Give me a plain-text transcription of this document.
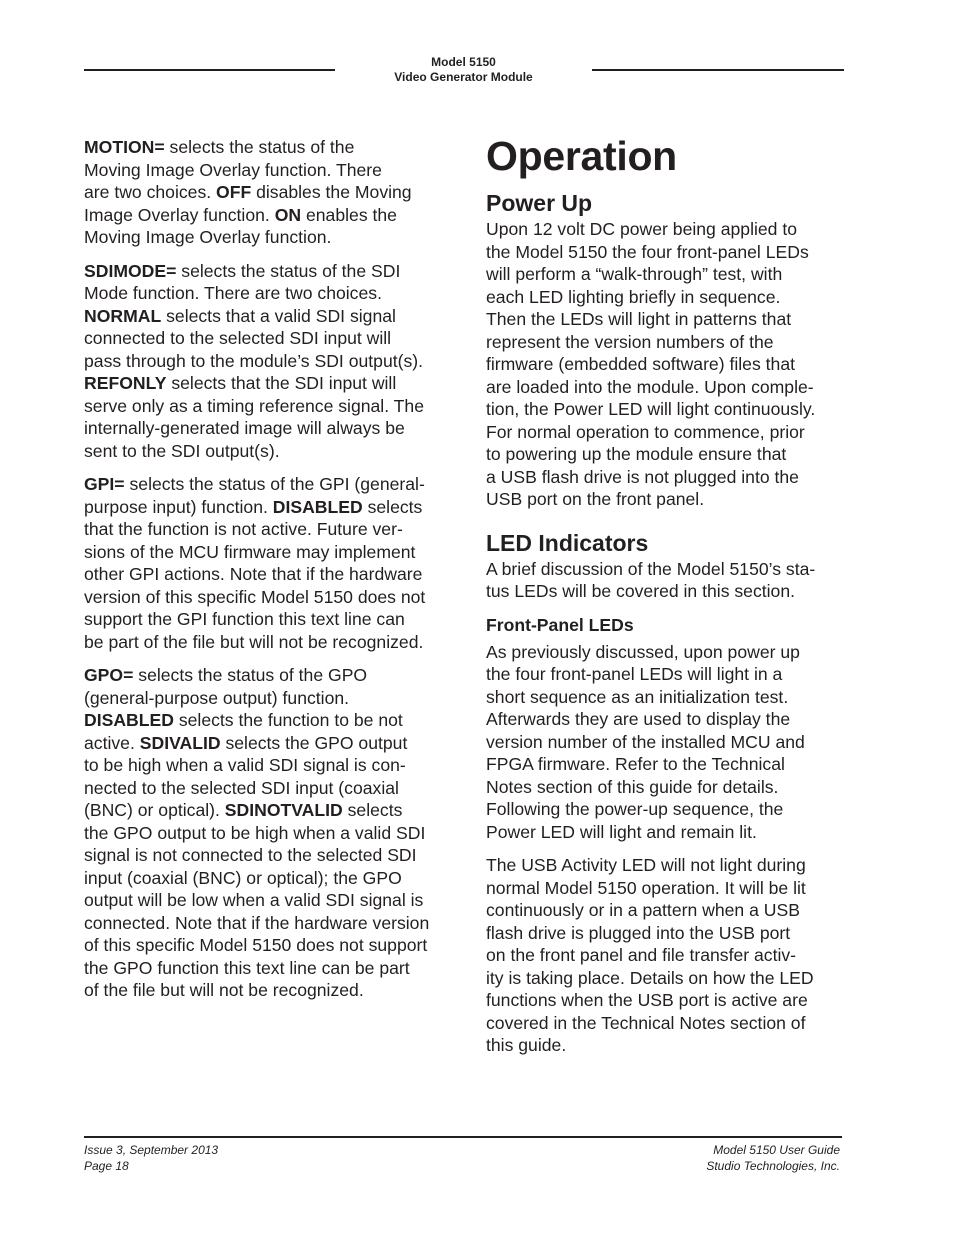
Model 5150
Video Generator Module

MOTION= selects the status of the
Moving Image Overlay function. There
are two choices. OFF disables the Moving
Image Overlay function. ON enables the
Moving Image Overlay function.

SDIMODE= selects the status of the SDI
Mode function. There are two choices.
NORMAL selects that a valid SDI signal
connected to the selected SDI input will
pass through to the module’s SDI output(s).
REFONLY selects that the SDI input will
serve only as a timing reference signal. The
internally-generated image will always be
sent to the SDI output(s).

GPI= selects the status of the GPI (general-
purpose input) function. DISABLED selects
that the function is not active. Future ver-
sions of the MCU firmware may implement
other GPI actions. Note that if the hardware
version of this specific Model 5150 does not
support the GPI function this text line can
be part of the file but will not be recognized.

GPO= selects the status of the GPO
(general-purpose output) function.
DISABLED selects the function to be not
active. SDIVALID selects the GPO output
to be high when a valid SDI signal is con-
nected to the selected SDI input (coaxial
(BNC) or optical). SDINOTVALID selects
the GPO output to be high when a valid SDI
signal is not connected to the selected SDI
input (coaxial (BNC) or optical); the GPO
output will be low when a valid SDI signal is
connected. Note that if the hardware version
of this specific Model 5150 does not support
the GPO function this text line can be part
of the file but will not be recognized.

Operation
Power Up

Upon 12 volt DC power being applied to
the Model 5150 the four front-panel LEDs
will perform a “walk-through” test, with
each LED lighting briefly in sequence.
Then the LEDs will light in patterns that
represent the version numbers of the
firmware (embedded software) files that
are loaded into the module. Upon comple-
tion, the Power LED will light continuously.
For normal operation to commence, prior
to powering up the module ensure that
a USB flash drive is not plugged into the
USB port on the front panel.

LED Indicators

A brief discussion of the Model 5150’s sta-
tus LEDs will be covered in this section.

Front-Panel LEDs

As previously discussed, upon power up
the four front-panel LEDs will light in a
short sequence as an initialization test.
Afterwards they are used to display the
version number of the installed MCU and
FPGA firmware. Refer to the Technical
Notes section of this guide for details.
Following the power-up sequence, the
Power LED will light and remain lit.

The USB Activity LED will not light during
normal Model 5150 operation. It will be lit
continuously or in a pattern when a USB
flash drive is plugged into the USB port
on the front panel and file transfer activ-
ity is taking place. Details on how the LED
functions when the USB port is active are
covered in the Technical Notes section of
this guide.

Issue 3, September 2013
Page 18
Model 5150 User Guide
Studio Technologies, Inc.
